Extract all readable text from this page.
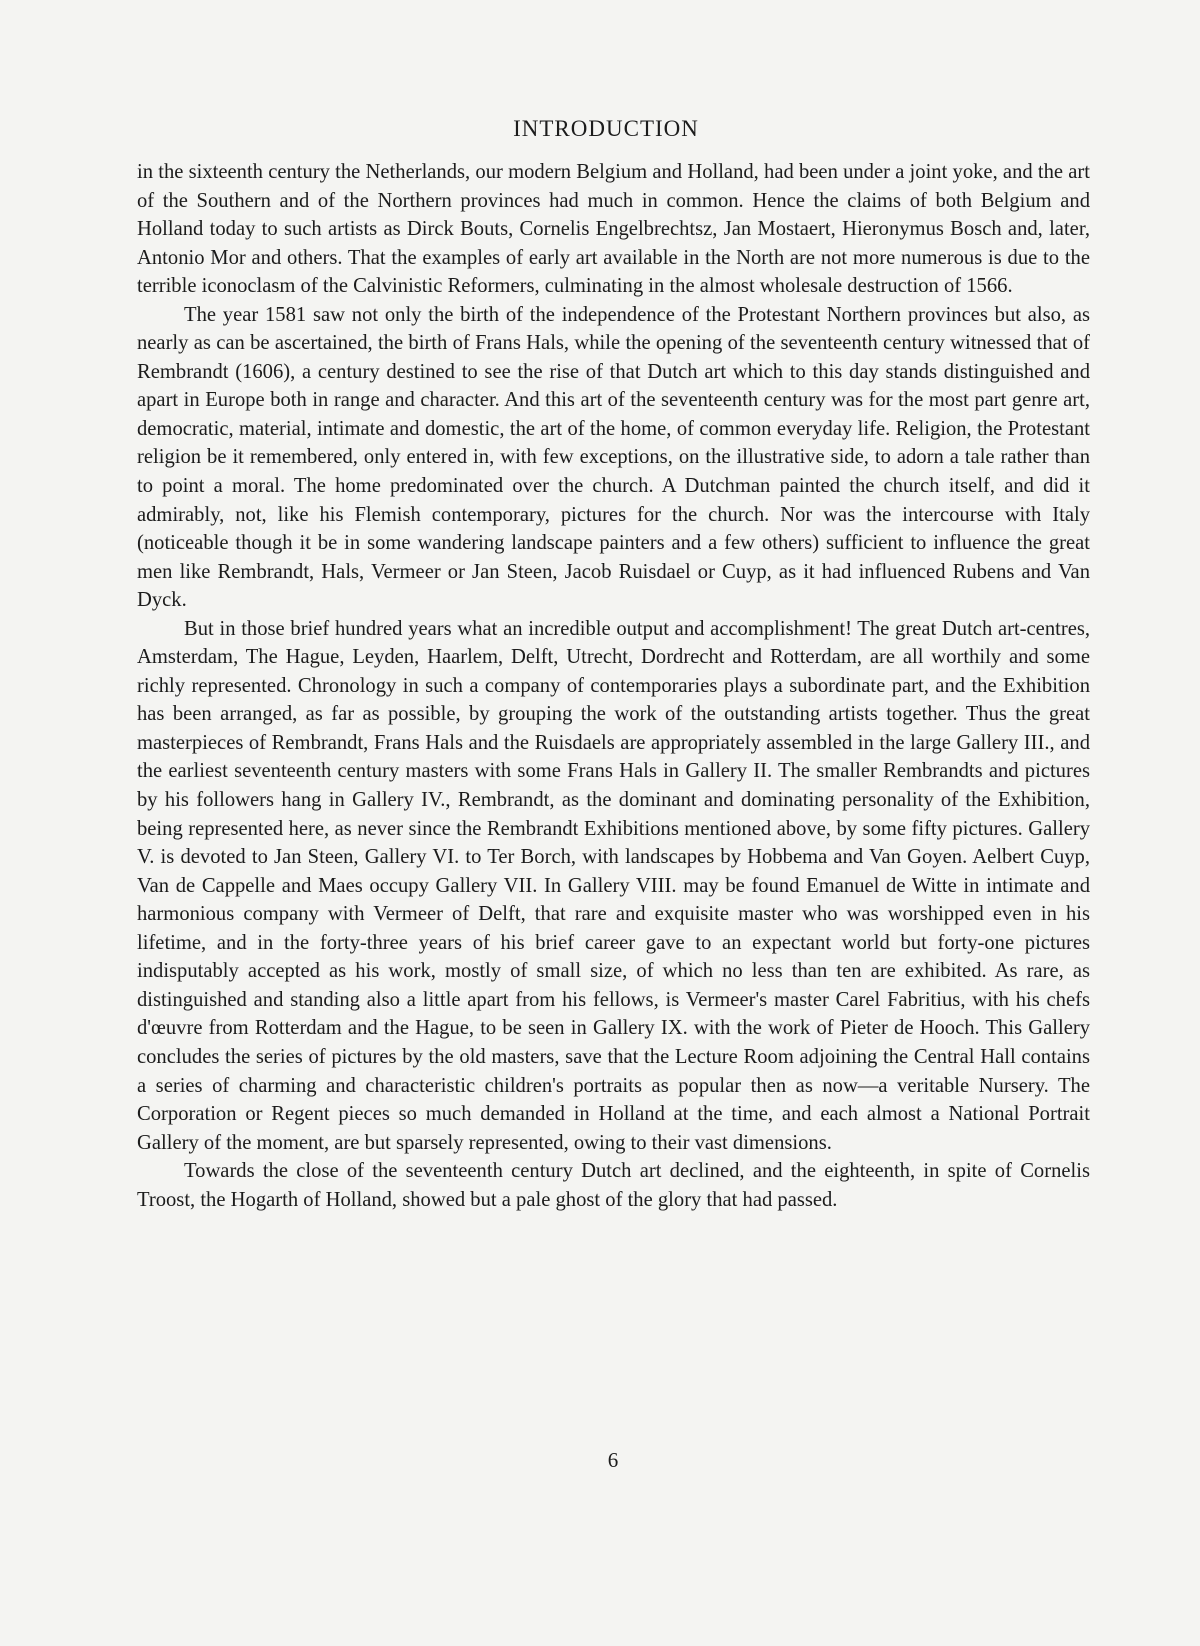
INTRODUCTION

in the sixteenth century the Netherlands, our modern Belgium and Holland, had been under a joint yoke, and the art of the Southern and of the Northern provinces had much in common. Hence the claims of both Belgium and Holland today to such artists as Dirck Bouts, Cornelis Engelbrechtsz, Jan Mostaert, Hieronymus Bosch and, later, Antonio Mor and others. That the examples of early art available in the North are not more numerous is due to the terrible iconoclasm of the Calvinistic Reformers, culminating in the almost wholesale destruction of 1566.

The year 1581 saw not only the birth of the independence of the Protestant Northern provinces but also, as nearly as can be ascertained, the birth of Frans Hals, while the opening of the seventeenth century witnessed that of Rembrandt (1606), a century destined to see the rise of that Dutch art which to this day stands distinguished and apart in Europe both in range and character. And this art of the seventeenth century was for the most part genre art, democratic, material, intimate and domestic, the art of the home, of common everyday life. Religion, the Protestant religion be it remembered, only entered in, with few exceptions, on the illustrative side, to adorn a tale rather than to point a moral. The home predominated over the church. A Dutchman painted the church itself, and did it admirably, not, like his Flemish contemporary, pictures for the church. Nor was the intercourse with Italy (noticeable though it be in some wandering landscape painters and a few others) sufficient to influence the great men like Rembrandt, Hals, Vermeer or Jan Steen, Jacob Ruisdael or Cuyp, as it had influenced Rubens and Van Dyck.

But in those brief hundred years what an incredible output and accomplishment! The great Dutch art-centres, Amsterdam, The Hague, Leyden, Haarlem, Delft, Utrecht, Dordrecht and Rotterdam, are all worthily and some richly represented. Chronology in such a company of contemporaries plays a subordinate part, and the Exhibition has been arranged, as far as possible, by grouping the work of the outstanding artists together. Thus the great masterpieces of Rembrandt, Frans Hals and the Ruisdaels are appropriately assembled in the large Gallery III., and the earliest seventeenth century masters with some Frans Hals in Gallery II. The smaller Rembrandts and pictures by his followers hang in Gallery IV., Rembrandt, as the dominant and dominating personality of the Exhibition, being represented here, as never since the Rembrandt Exhibitions mentioned above, by some fifty pictures. Gallery V. is devoted to Jan Steen, Gallery VI. to Ter Borch, with landscapes by Hobbema and Van Goyen. Aelbert Cuyp, Van de Cappelle and Maes occupy Gallery VII. In Gallery VIII. may be found Emanuel de Witte in intimate and harmonious company with Vermeer of Delft, that rare and exquisite master who was worshipped even in his lifetime, and in the forty-three years of his brief career gave to an expectant world but forty-one pictures indisputably accepted as his work, mostly of small size, of which no less than ten are exhibited. As rare, as distinguished and standing also a little apart from his fellows, is Vermeer's master Carel Fabritius, with his chefs d'œuvre from Rotterdam and the Hague, to be seen in Gallery IX. with the work of Pieter de Hooch. This Gallery concludes the series of pictures by the old masters, save that the Lecture Room adjoining the Central Hall contains a series of charming and characteristic children's portraits as popular then as now—a veritable Nursery. The Corporation or Regent pieces so much demanded in Holland at the time, and each almost a National Portrait Gallery of the moment, are but sparsely represented, owing to their vast dimensions.

Towards the close of the seventeenth century Dutch art declined, and the eighteenth, in spite of Cornelis Troost, the Hogarth of Holland, showed but a pale ghost of the glory that had passed.

6
